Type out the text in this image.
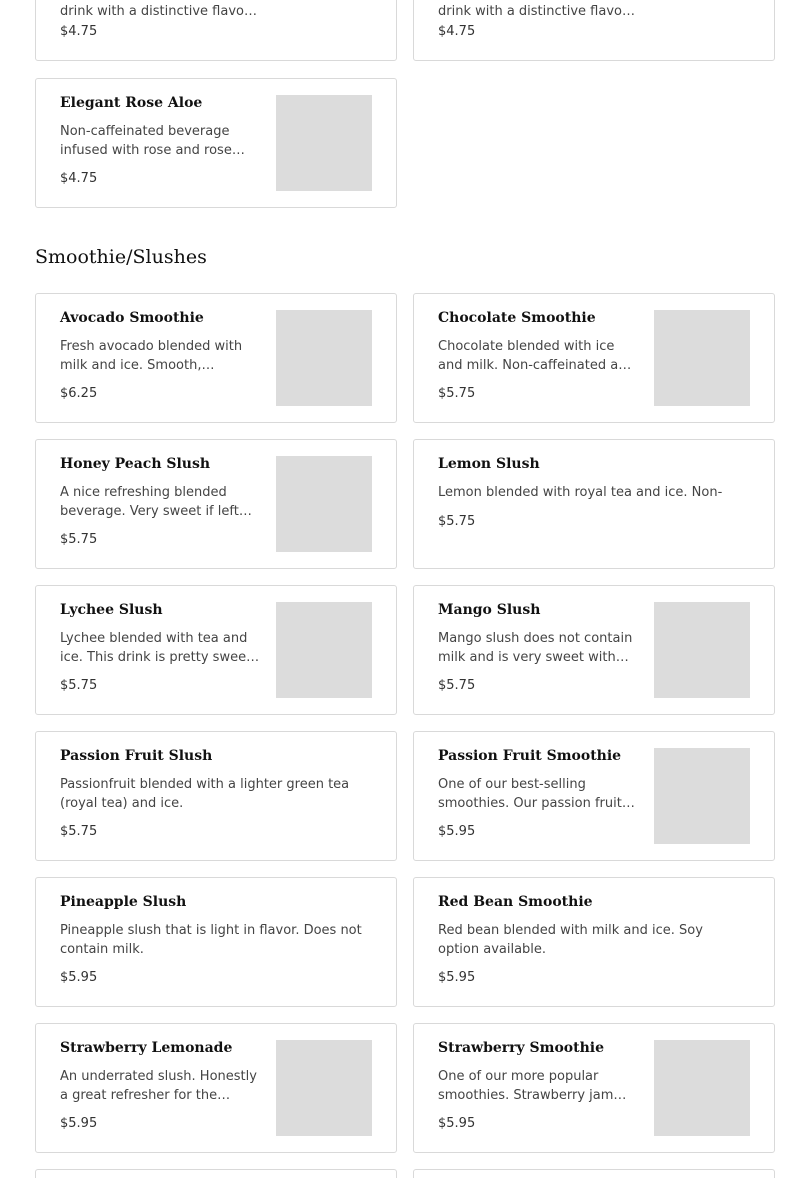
drink with a distinctive flavor.
$4.75
drink with a distinctive flavor.
$4.75
Elegant Rose Aloe
Non-caffeinated beverage infused with rose and rose…
$4.75
Smoothie/Slushes
Avocado Smoothie
Fresh avocado blended with milk and ice. Smooth,
$6.25
Chocolate Smoothie
Chocolate blended with ice and milk. Non-caffeinated and
$5.75
Honey Peach Slush
A nice refreshing blended beverage. Very sweet if left
$5.75
Lemon Slush
Lemon blended with royal tea and ice. Non-
$5.75
Lychee Slush
Lychee blended with tea and ice. This drink is pretty sweet
$5.75
Mango Slush
Mango slush does not contain milk and is very sweet with…
$5.75
Passion Fruit Slush
Passionfruit blended with a lighter green tea (royal tea) and ice.
$5.75
Passion Fruit Smoothie
One of our best-selling smoothies. Our passion fruit…
$5.95
Pineapple Slush
Pineapple slush that is light in flavor. Does not contain milk.
$5.95
Red Bean Smoothie
Red bean blended with milk and ice. Soy option available.
$5.95
Strawberry Lemonade
An underrated slush. Honestly a great refresher for the
$5.95
Strawberry Smoothie
One of our more popular smoothies. Strawberry jam…
$5.95
